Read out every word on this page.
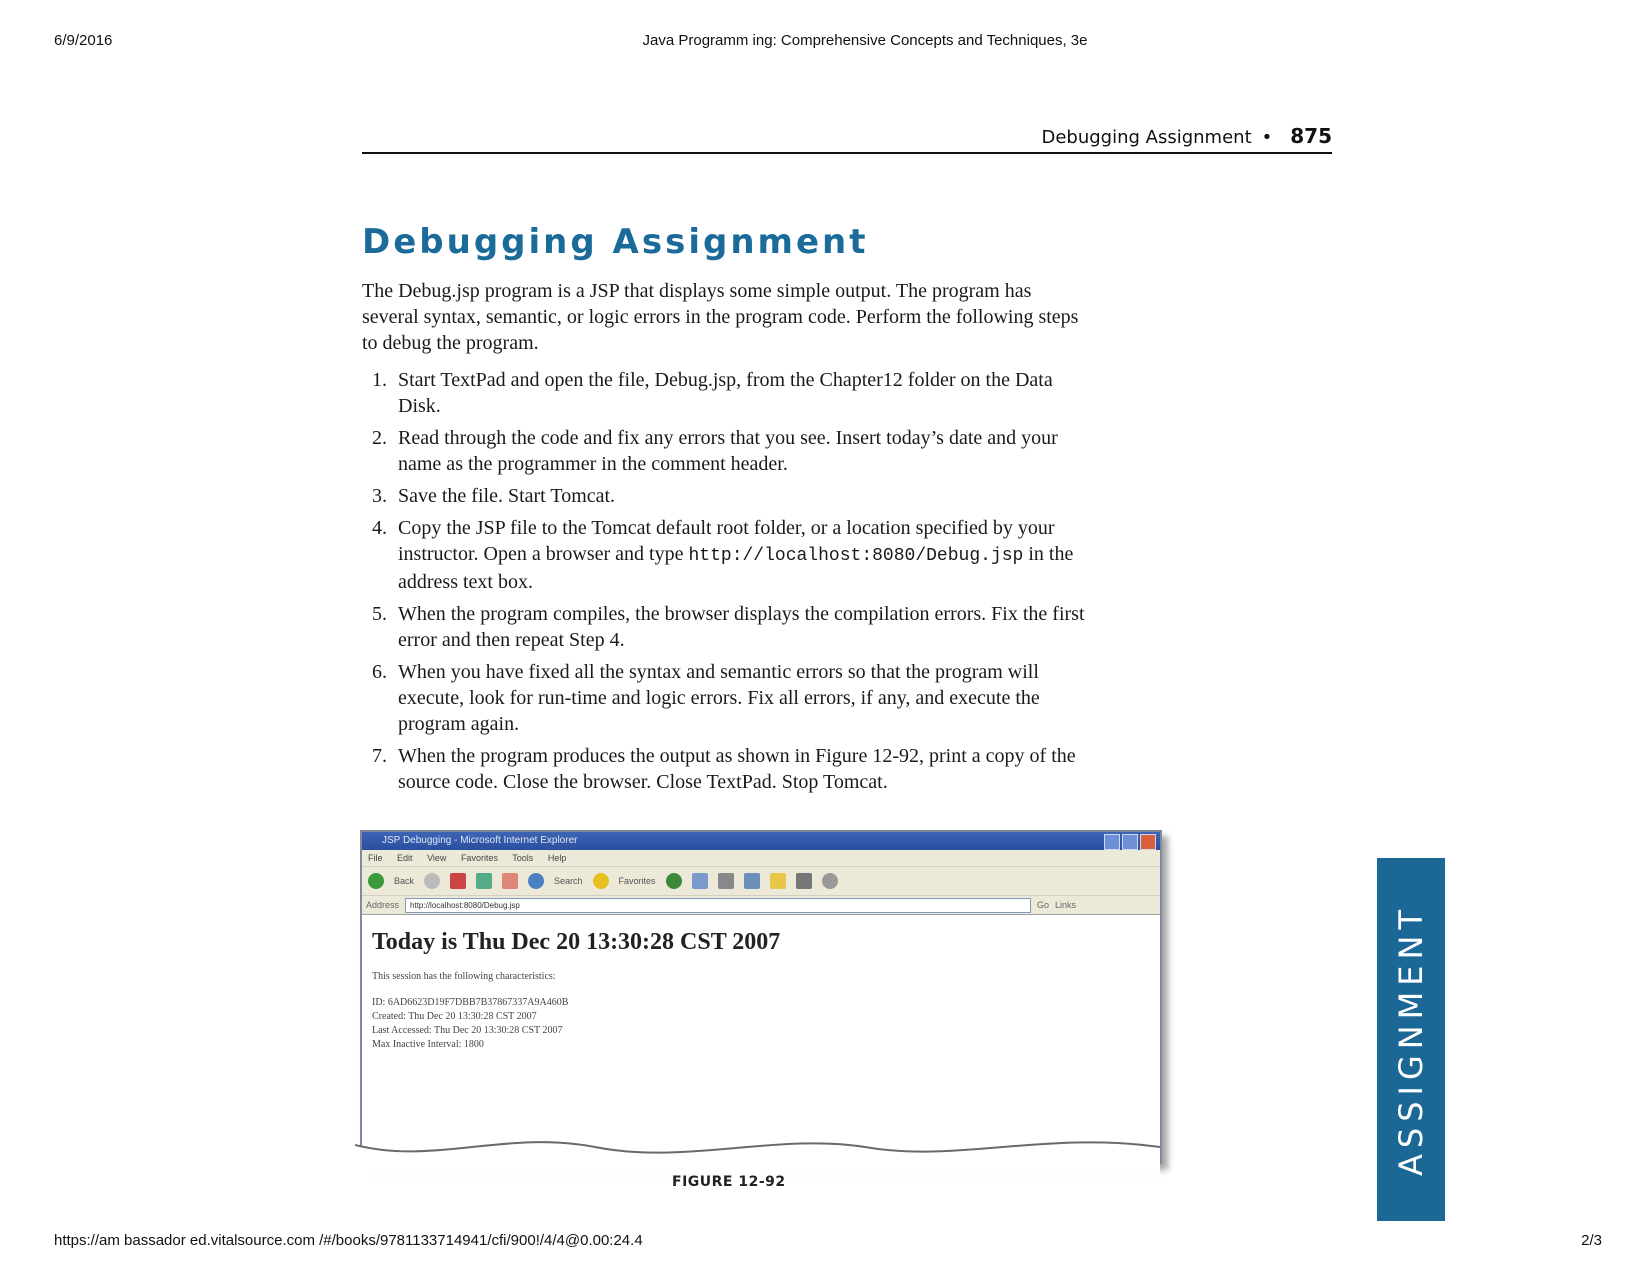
6/9/2016	Java Programm ing: Comprehensive Concepts and Techniques, 3e
Debugging Assignment • 875
Debugging Assignment
The Debug.jsp program is a JSP that displays some simple output. The program has several syntax, semantic, or logic errors in the program code. Perform the following steps to debug the program.
1. Start TextPad and open the file, Debug.jsp, from the Chapter12 folder on the Data Disk.
2. Read through the code and fix any errors that you see. Insert today’s date and your name as the programmer in the comment header.
3. Save the file. Start Tomcat.
4. Copy the JSP file to the Tomcat default root folder, or a location specified by your instructor. Open a browser and type http://localhost:8080/Debug.jsp in the address text box.
5. When the program compiles, the browser displays the compilation errors. Fix the first error and then repeat Step 4.
6. When you have fixed all the syntax and semantic errors so that the program will execute, look for run-time and logic errors. Fix all errors, if any, and execute the program again.
7. When the program produces the output as shown in Figure 12-92, print a copy of the source code. Close the browser. Close TextPad. Stop Tomcat.
JSP Debugging - Microsoft Internet Explorer
File Edit View Favorites Tools Help
Back	Search	Favorites
Address	http://localhost:8080/Debug.jsp	Go Links
Today is Thu Dec 20 13:30:28 CST 2007
This session has the following characteristics:
ID: 6AD6623D19F7DBB7B37867337A9A460B
Created: Thu Dec 20 13:30:28 CST 2007
Last Accessed: Thu Dec 20 13:30:28 CST 2007
Max Inactive Interval: 1800
FIGURE 12-92
ASSIGNMENT
https://am bassador ed.vitalsource.com /#/books/9781133714941/cfi/900!/4/4@0.00:24.4	2/3
